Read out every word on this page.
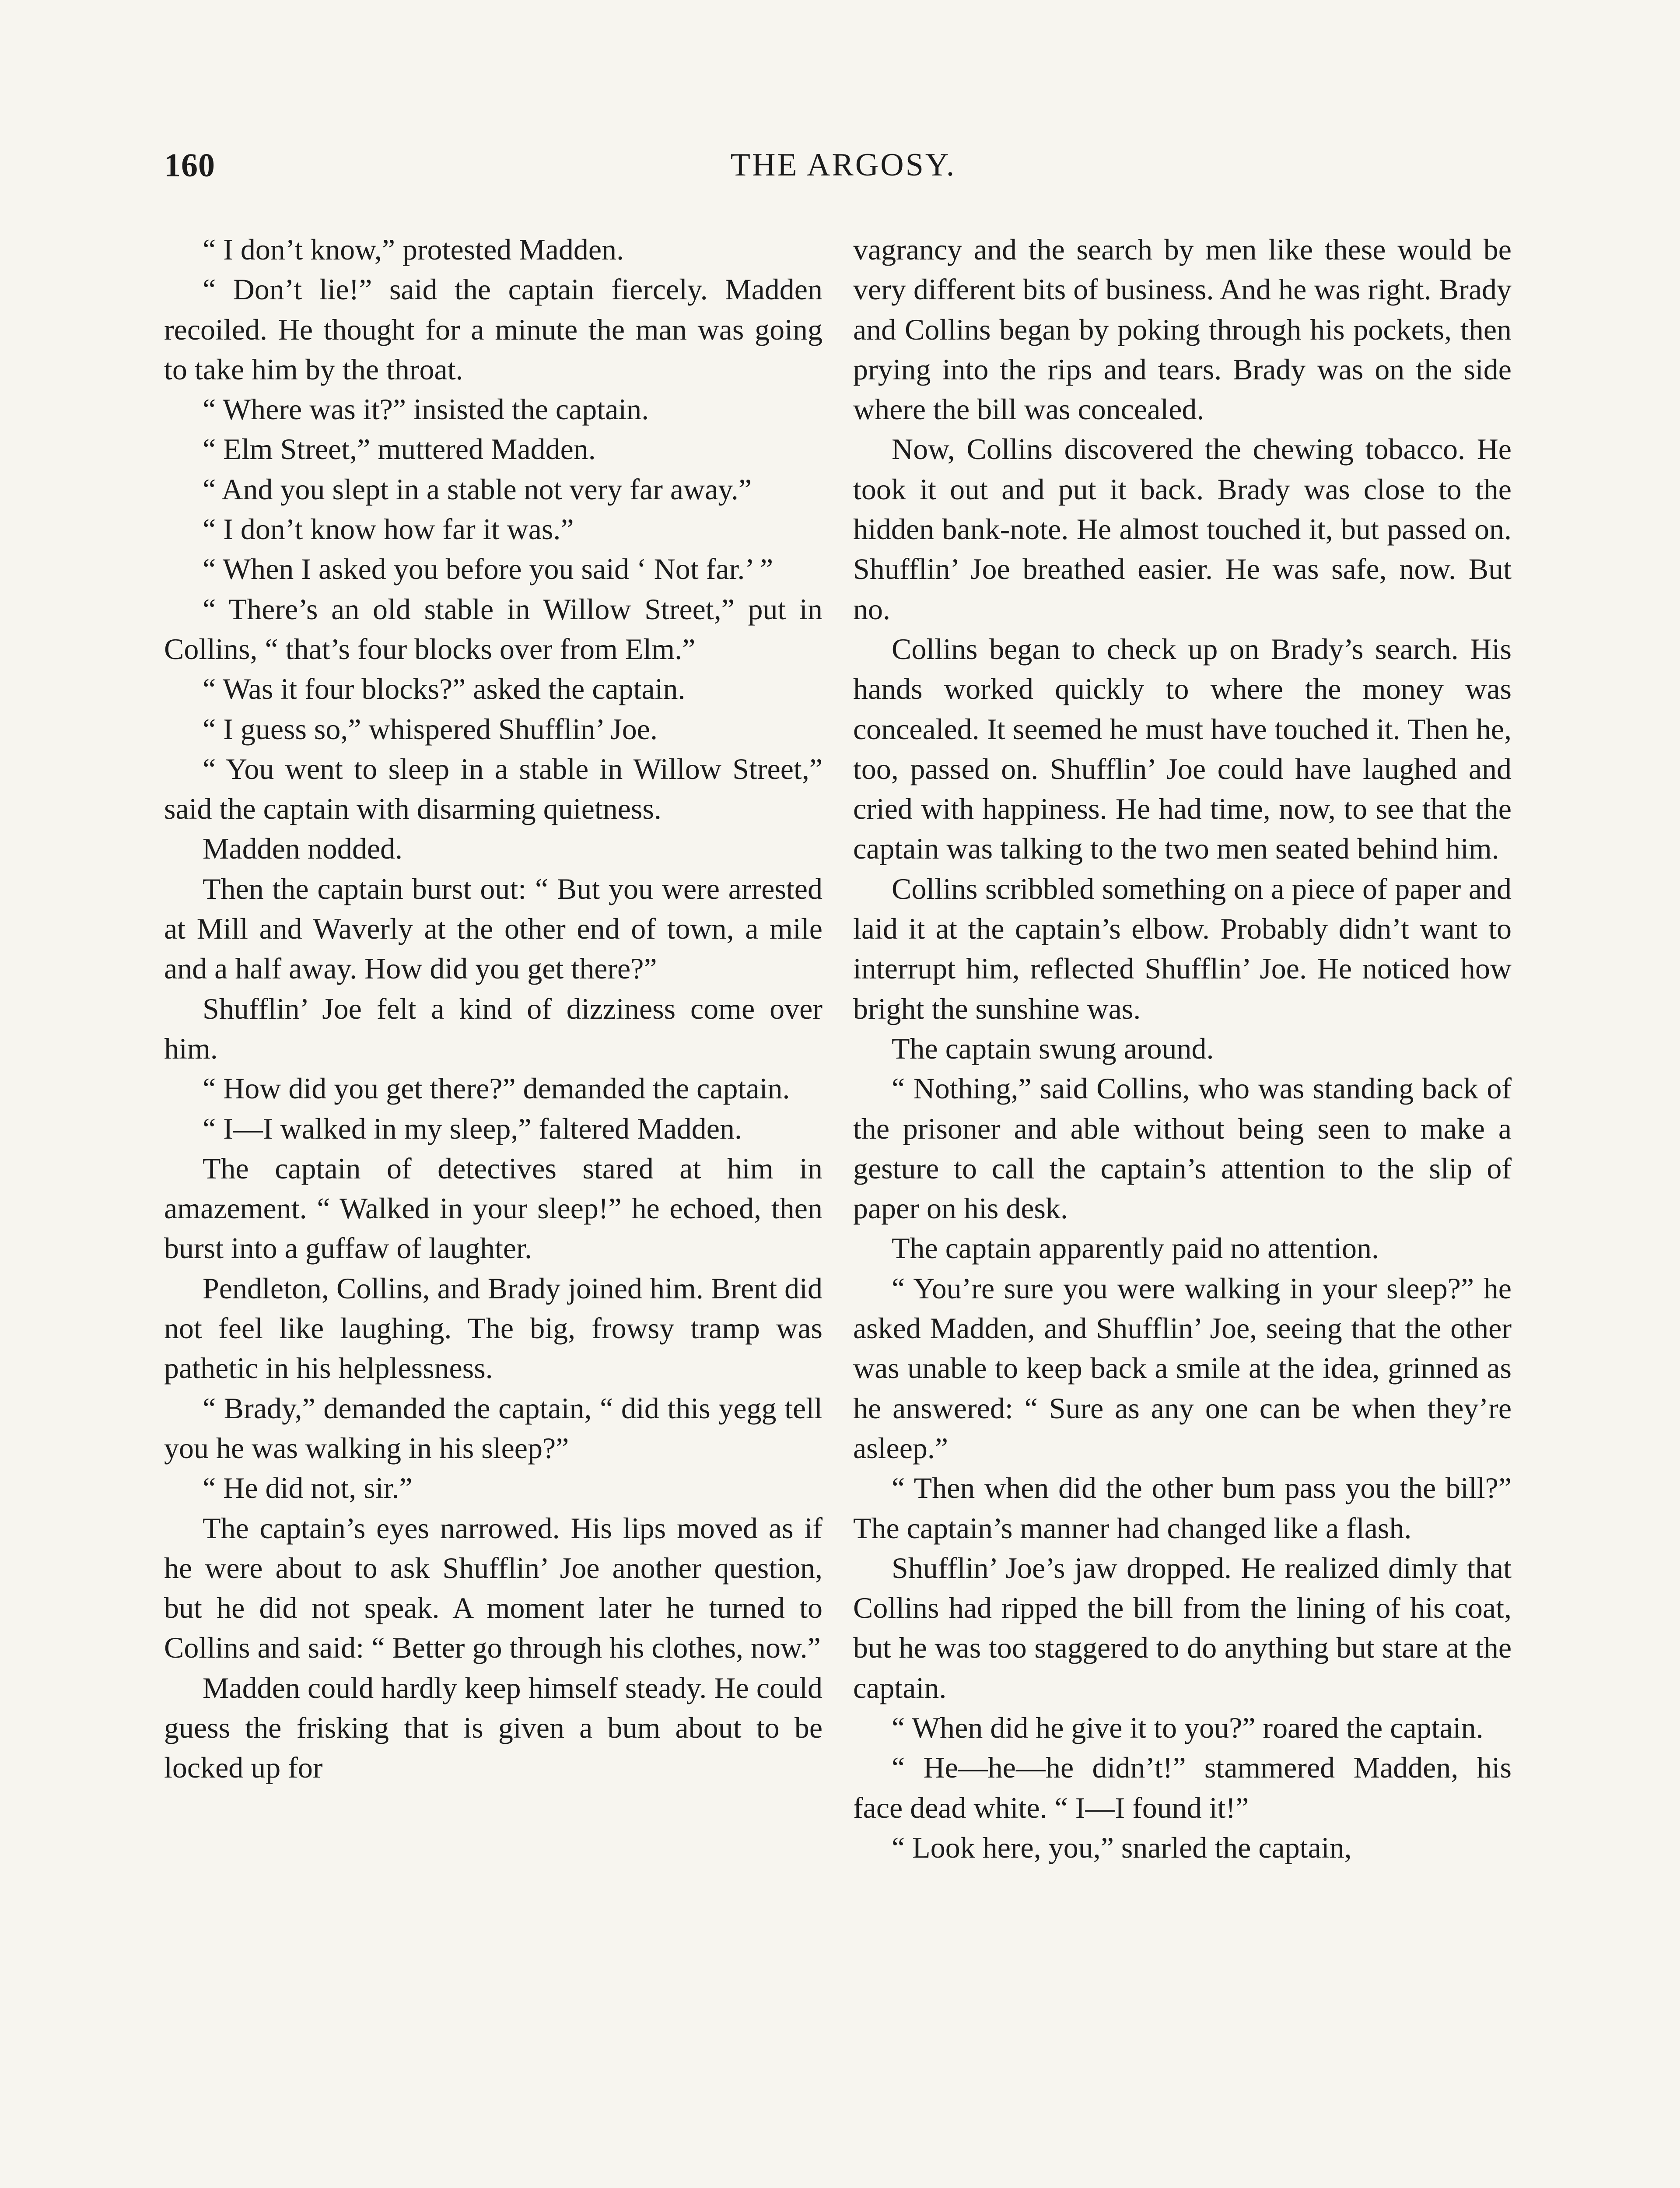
160	THE ARGOSY.

“ I don’t know,” protested Madden.

“ Don’t lie!” said the captain fiercely. Madden recoiled. He thought for a minute the man was going to take him by the throat.

“ Where was it?” insisted the captain.

“ Elm Street,” muttered Madden.

“ And you slept in a stable not very far away.”

“ I don’t know how far it was.”

“ When I asked you before you said ‘ Not far.’ ”

“ There’s an old stable in Willow Street,” put in Collins, “ that’s four blocks over from Elm.”

“ Was it four blocks?” asked the captain.

“ I guess so,” whispered Shufflin’ Joe.

“ You went to sleep in a stable in Willow Street,” said the captain with disarming quietness.

Madden nodded.

Then the captain burst out: “ But you were arrested at Mill and Waverly at the other end of town, a mile and a half away. How did you get there?”

Shufflin’ Joe felt a kind of dizziness come over him.

“ How did you get there?” demanded the captain.

“ I—I walked in my sleep,” faltered Madden.

The captain of detectives stared at him in amazement. “ Walked in your sleep!” he echoed, then burst into a guffaw of laughter.

Pendleton, Collins, and Brady joined him. Brent did not feel like laughing. The big, frowsy tramp was pathetic in his helplessness.

“ Brady,” demanded the captain, “ did this yegg tell you he was walking in his sleep?”

“ He did not, sir.”

The captain’s eyes narrowed. His lips moved as if he were about to ask Shufflin’ Joe another question, but he did not speak. A moment later he turned to Collins and said: “ Better go through his clothes, now.”

Madden could hardly keep himself steady. He could guess the frisking that is given a bum about to be locked up for

vagrancy and the search by men like these would be very different bits of business. And he was right. Brady and Collins began by poking through his pockets, then prying into the rips and tears. Brady was on the side where the bill was concealed.

Now, Collins discovered the chewing tobacco. He took it out and put it back. Brady was close to the hidden bank-note. He almost touched it, but passed on. Shufflin’ Joe breathed easier. He was safe, now. But no.

Collins began to check up on Brady’s search. His hands worked quickly to where the money was concealed. It seemed he must have touched it. Then he, too, passed on. Shufflin’ Joe could have laughed and cried with happiness. He had time, now, to see that the captain was talking to the two men seated behind him.

Collins scribbled something on a piece of paper and laid it at the captain’s elbow. Probably didn’t want to interrupt him, reflected Shufflin’ Joe. He noticed how bright the sunshine was.

The captain swung around.

“ Nothing,” said Collins, who was standing back of the prisoner and able without being seen to make a gesture to call the captain’s attention to the slip of paper on his desk.

The captain apparently paid no attention.

“ You’re sure you were walking in your sleep?” he asked Madden, and Shufflin’ Joe, seeing that the other was unable to keep back a smile at the idea, grinned as he answered: “ Sure as any one can be when they’re asleep.”

“ Then when did the other bum pass you the bill?” The captain’s manner had changed like a flash.

Shufflin’ Joe’s jaw dropped. He realized dimly that Collins had ripped the bill from the lining of his coat, but he was too staggered to do anything but stare at the captain.

“ When did he give it to you?” roared the captain.

“ He—he—he didn’t!” stammered Madden, his face dead white. “ I—I found it!”

“ Look here, you,” snarled the captain,
